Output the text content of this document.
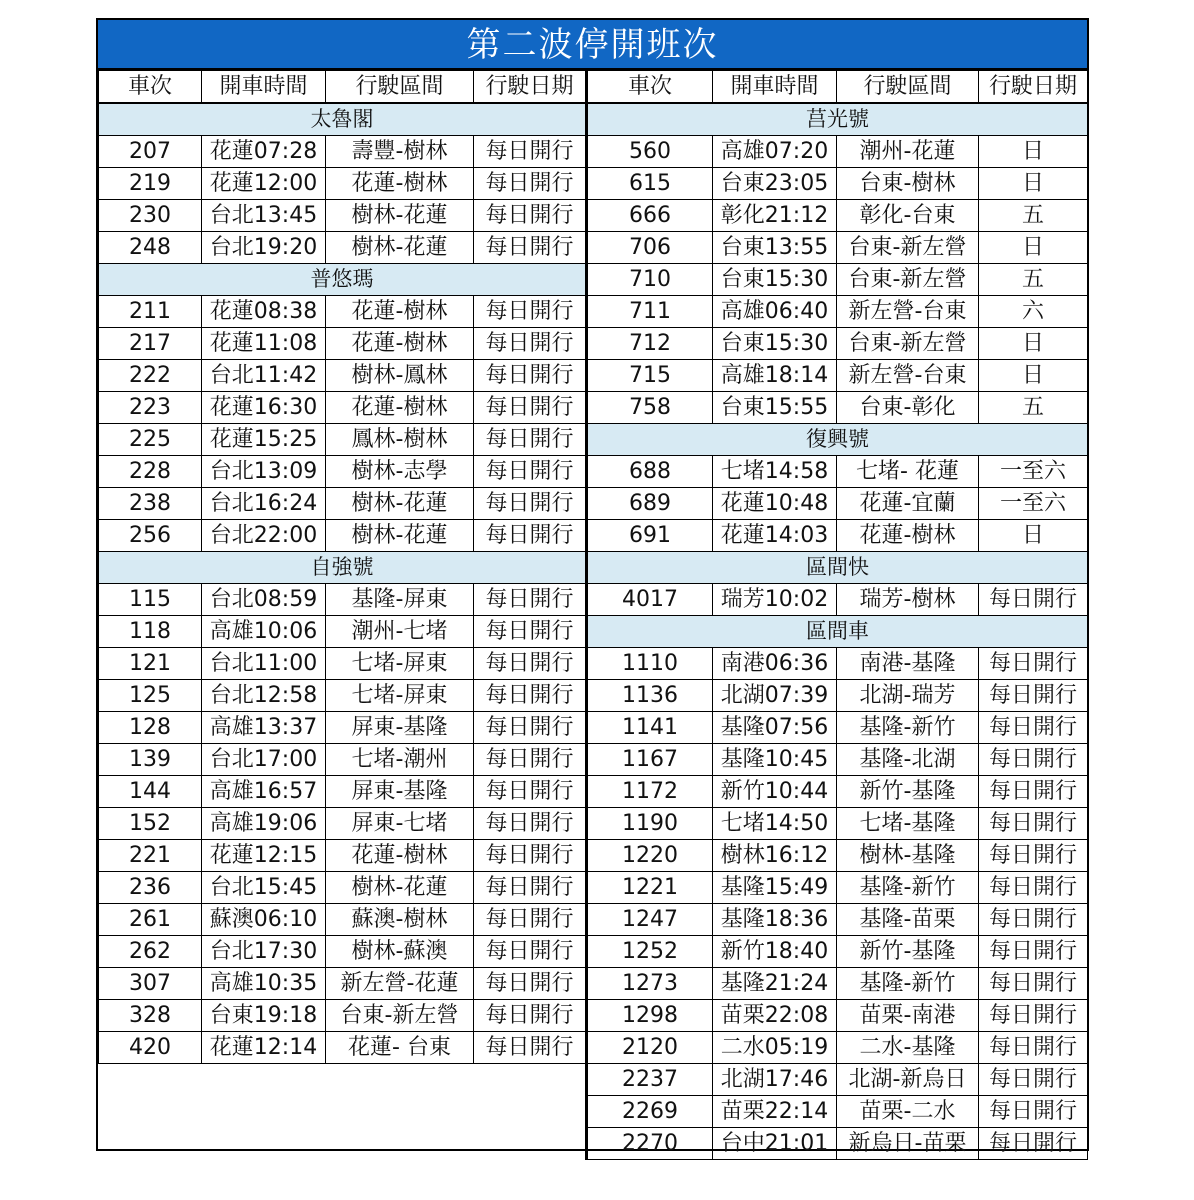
第二波停開班次
車次	開車時間	行駛區間	行駛日期
太魯閣			
207	花蓮07:28	壽豐-樹林	每日開行
219	花蓮12:00	花蓮-樹林	每日開行
230	台北13:45	樹林-花蓮	每日開行
248	台北19:20	樹林-花蓮	每日開行
普悠瑪			
211	花蓮08:38	花蓮-樹林	每日開行
217	花蓮11:08	花蓮-樹林	每日開行
222	台北11:42	樹林-鳳林	每日開行
223	花蓮16:30	花蓮-樹林	每日開行
225	花蓮15:25	鳳林-樹林	每日開行
228	台北13:09	樹林-志學	每日開行
238	台北16:24	樹林-花蓮	每日開行
256	台北22:00	樹林-花蓮	每日開行
自強號			
115	台北08:59	基隆-屏東	每日開行
118	高雄10:06	潮州-七堵	每日開行
121	台北11:00	七堵-屏東	每日開行
125	台北12:58	七堵-屏東	每日開行
128	高雄13:37	屏東-基隆	每日開行
139	台北17:00	七堵-潮州	每日開行
144	高雄16:57	屏東-基隆	每日開行
152	高雄19:06	屏東-七堵	每日開行
221	花蓮12:15	花蓮-樹林	每日開行
236	台北15:45	樹林-花蓮	每日開行
261	蘇澳06:10	蘇澳-樹林	每日開行
262	台北17:30	樹林-蘇澳	每日開行
307	高雄10:35	新左營-花蓮	每日開行
328	台東19:18	台東-新左營	每日開行
420	花蓮12:14	花蓮- 台東	每日開行

車次	開車時間	行駛區間	行駛日期
莒光號			
560	高雄07:20	潮州-花蓮	日
615	台東23:05	台東-樹林	日
666	彰化21:12	彰化-台東	五
706	台東13:55	台東-新左營	日
710	台東15:30	台東-新左營	五
711	高雄06:40	新左營-台東	六
712	台東15:30	台東-新左營	日
715	高雄18:14	新左營-台東	日
758	台東15:55	台東-彰化	五
復興號			
688	七堵14:58	七堵- 花蓮	一至六
689	花蓮10:48	花蓮-宜蘭	一至六
691	花蓮14:03	花蓮-樹林	日
區間快			
4017	瑞芳10:02	瑞芳-樹林	每日開行
區間車			
1110	南港06:36	南港-基隆	每日開行
1136	北湖07:39	北湖-瑞芳	每日開行
1141	基隆07:56	基隆-新竹	每日開行
1167	基隆10:45	基隆-北湖	每日開行
1172	新竹10:44	新竹-基隆	每日開行
1190	七堵14:50	七堵-基隆	每日開行
1220	樹林16:12	樹林-基隆	每日開行
1221	基隆15:49	基隆-新竹	每日開行
1247	基隆18:36	基隆-苗栗	每日開行
1252	新竹18:40	新竹-基隆	每日開行
1273	基隆21:24	基隆-新竹	每日開行
1298	苗栗22:08	苗栗-南港	每日開行
2120	二水05:19	二水-基隆	每日開行
2237	北湖17:46	北湖-新烏日	每日開行
2269	苗栗22:14	苗栗-二水	每日開行
2270	台中21:01	新烏日-苗栗	每日開行
